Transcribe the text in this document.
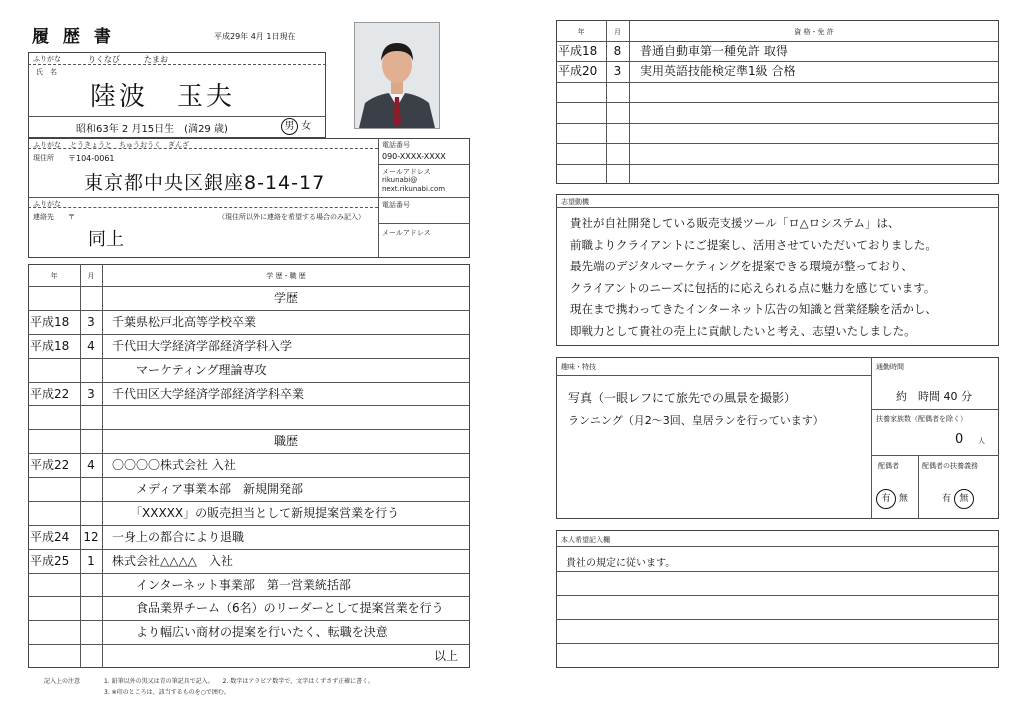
履 歴 書	平成29年 4月 1日現在
ふりがな	りくなび　　　たまお
氏　名
陸波　玉夫
昭和63年 2 月15日生　(満29 歳)	男 女
ふりがな とうきょうと　ちゅうおうく　ぎんざ
現住所 〒104-0061
東京都中央区銀座8-14-17
電話番号
090-XXXX-XXXX
メールアドレス
rikunabi@
next.rikunabi.com
ふりがな
連絡先 〒	（現住所以外に連絡を希望する場合のみ記入）
同上
電話番号
メールアドレス
年	月	学 歴・職 歴
学歴
平成18	3	千葉県松戸北高等学校卒業
平成18	4	千代田大学経済学部経済学科入学
　　マーケティング理論専攻
平成22	3	千代田区大学経済学部経済学科卒業
職歴
平成22	4	〇〇〇〇株式会社 入社
　　メディア事業本部　新規開発部
　　「XXXXX」の販売担当として新規提案営業を行う
平成24	12 一身上の都合により退職
平成25	1	株式会社△△△△　入社
　　インターネット事業部　第一営業統括部
　　食品業界チーム（6名）のリーダーとして提案営業を行う
　　より幅広い商材の提案を行いたく、転職を決意
以上
記入上の注意	1. 鉛筆以外の黒又は青の筆記具で記入。　　2. 数字はアラビア数字で、文字はくずさず正確に書く。
3. ※印のところは、該当するものを○で囲む。
年	月	資 格・免 許
平成18	8	普通自動車第一種免許 取得
平成20	3	実用英語技能検定準1級 合格
志望動機
貴社が自社開発している販売支援ツール「ロ△ロシステム」は、
前職よりクライアントにご提案し、活用させていただいておりました。
最先端のデジタルマーケティングを提案できる環境が整っており、
クライアントのニーズに包括的に応えられる点に魅力を感じています。
現在まで携わってきたインターネット広告の知識と営業経験を活かし、
即戦力として貴社の売上に貢献したいと考え、志望いたしました。
趣味・特技
写真（一眼レフにて旅先での風景を撮影）
ランニング（月2〜3回、皇居ランを行っています）
通勤時間
約　時間 40 分
扶養家族数（配偶者を除く）
0 人
配偶者	配偶者の扶養義務
有 無	有 無
本人希望記入欄
貴社の規定に従います。
